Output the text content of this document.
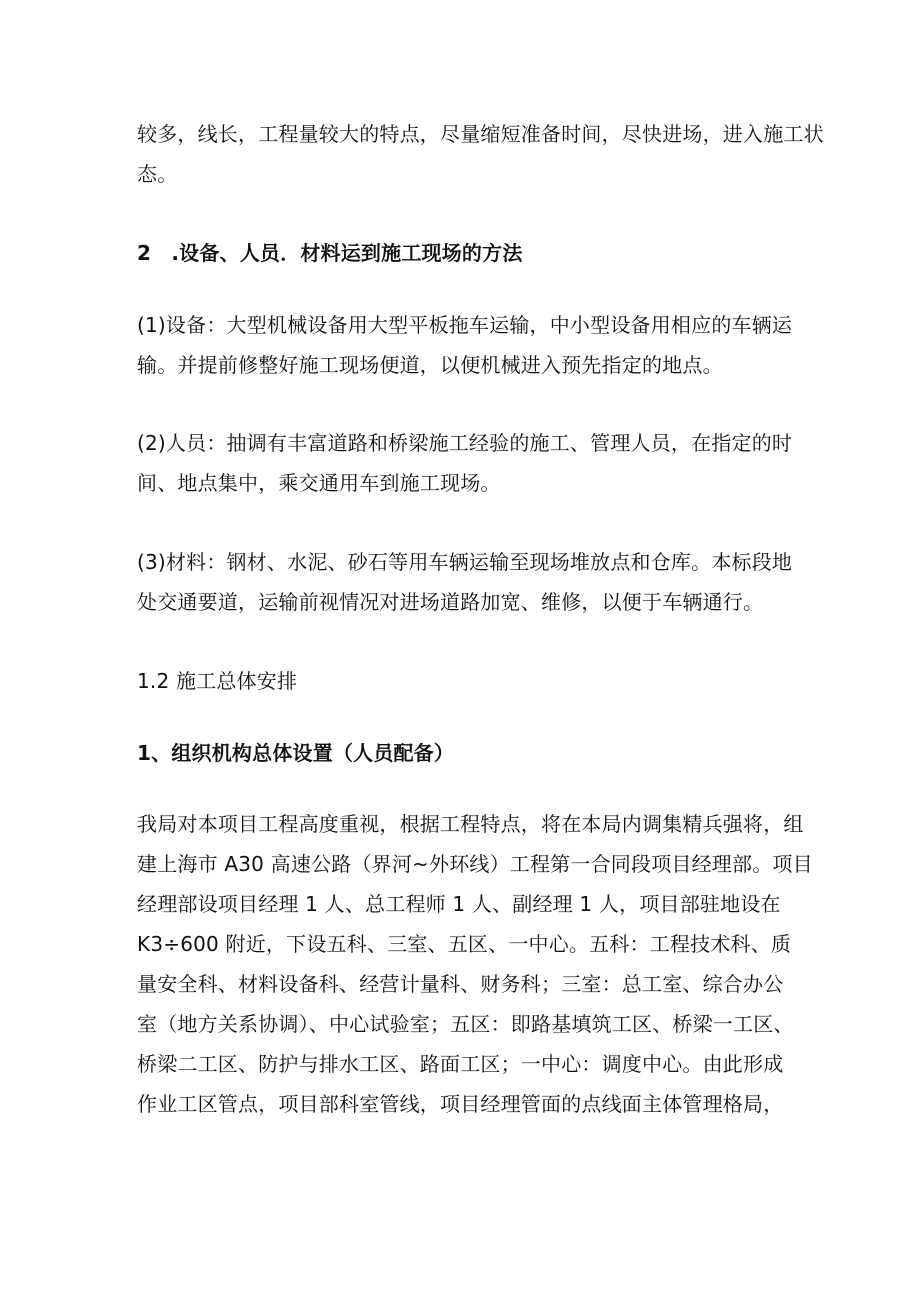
较多，线长，工程量较大的特点，尽量缩短准备时间，尽快进场，进入施工状
态。

2　.设备、人员．材料运到施工现场的方法

(1)设备：大型机械设备用大型平板拖车运输，中小型设备用相应的车辆运
输。并提前修整好施工现场便道，以便机械进入预先指定的地点。

(2)人员：抽调有丰富道路和桥梁施工经验的施工、管理人员，在指定的时
间、地点集中，乘交通用车到施工现场。

(3)材料：钢材、水泥、砂石等用车辆运输至现场堆放点和仓库。本标段地
处交通要道，运输前视情况对进场道路加宽、维修，以便于车辆通行。

1.2 施工总体安排

1、组织机构总体设置（人员配备）

我局对本项目工程高度重视，根据工程特点，将在本局内调集精兵强将，组
建上海市 A30 高速公路（界河~外环线）工程第一合同段项目经理部。项目
经理部设项目经理 1 人、总工程师 1 人、副经理 1 人，项目部驻地设在
K3÷600 附近，下设五科、三室、五区、一中心。五科：工程技术科、质
量安全科、材料设备科、经营计量科、财务科；三室：总工室、综合办公
室（地方关系协调）、中心试验室；五区：即路基填筑工区、桥梁一工区、
桥梁二工区、防护与排水工区、路面工区；一中心：调度中心。由此形成
作业工区管点，项目部科室管线，项目经理管面的点线面主体管理格局，
